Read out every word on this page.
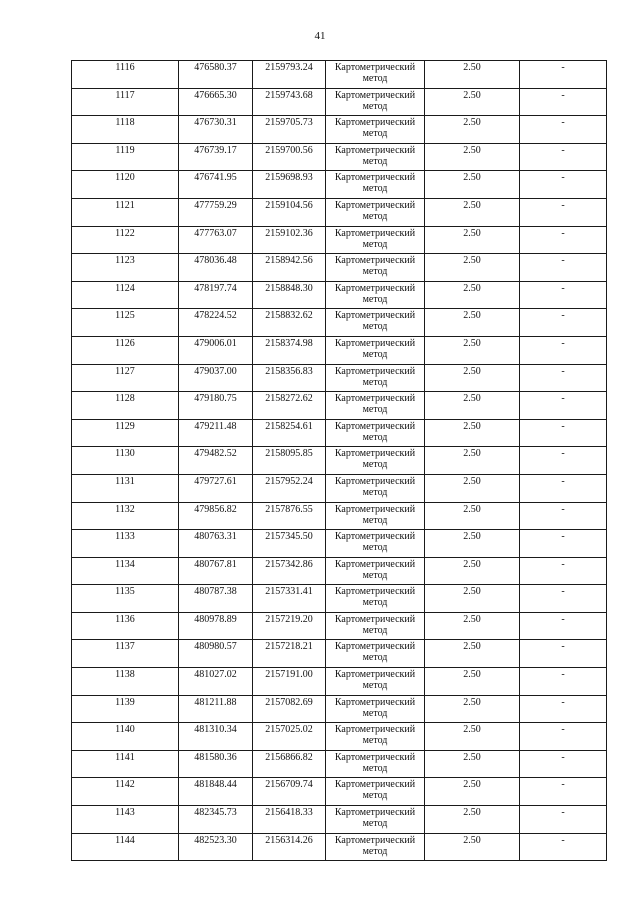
41
1116	476580.37	2159793.24	Картометрический
метод	2.50	-

1117	476665.30	2159743.68	Картометрический
метод	2.50	-

1118	476730.31	2159705.73	Картометрический
метод	2.50	-

1119	476739.17	2159700.56	Картометрический
метод	2.50	-

1120	476741.95	2159698.93	Картометрический
метод	2.50	-

1121	477759.29	2159104.56	Картометрический
метод	2.50	-

1122	477763.07	2159102.36	Картометрический
метод	2.50	-

1123	478036.48	2158942.56	Картометрический
метод	2.50	-

1124	478197.74	2158848.30	Картометрический
метод	2.50	-

1125	478224.52	2158832.62	Картометрический
метод	2.50	-

1126	479006.01	2158374.98	Картометрический
метод	2.50	-

1127	479037.00	2158356.83	Картометрический
метод	2.50	-

1128	479180.75	2158272.62	Картометрический
метод	2.50	-

1129	479211.48	2158254.61	Картометрический
метод	2.50	-

1130	479482.52	2158095.85	Картометрический
метод	2.50	-

1131	479727.61	2157952.24	Картометрический
метод	2.50	-

1132	479856.82	2157876.55	Картометрический
метод	2.50	-

1133	480763.31	2157345.50	Картометрический
метод	2.50	-

1134	480767.81	2157342.86	Картометрический
метод	2.50	-

1135	480787.38	2157331.41	Картометрический
метод	2.50	-

1136	480978.89	2157219.20	Картометрический
метод	2.50	-

1137	480980.57	2157218.21	Картометрический
метод	2.50	-

1138	481027.02	2157191.00	Картометрический
метод	2.50	-

1139	481211.88	2157082.69	Картометрический
метод	2.50	-

1140	481310.34	2157025.02	Картометрический
метод	2.50	-

1141	481580.36	2156866.82	Картометрический
метод	2.50	-

1142	481848.44	2156709.74	Картометрический
метод	2.50	-

1143	482345.73	2156418.33	Картометрический
метод	2.50	-

1144	482523.30	2156314.26	Картометрический
метод	2.50	-
